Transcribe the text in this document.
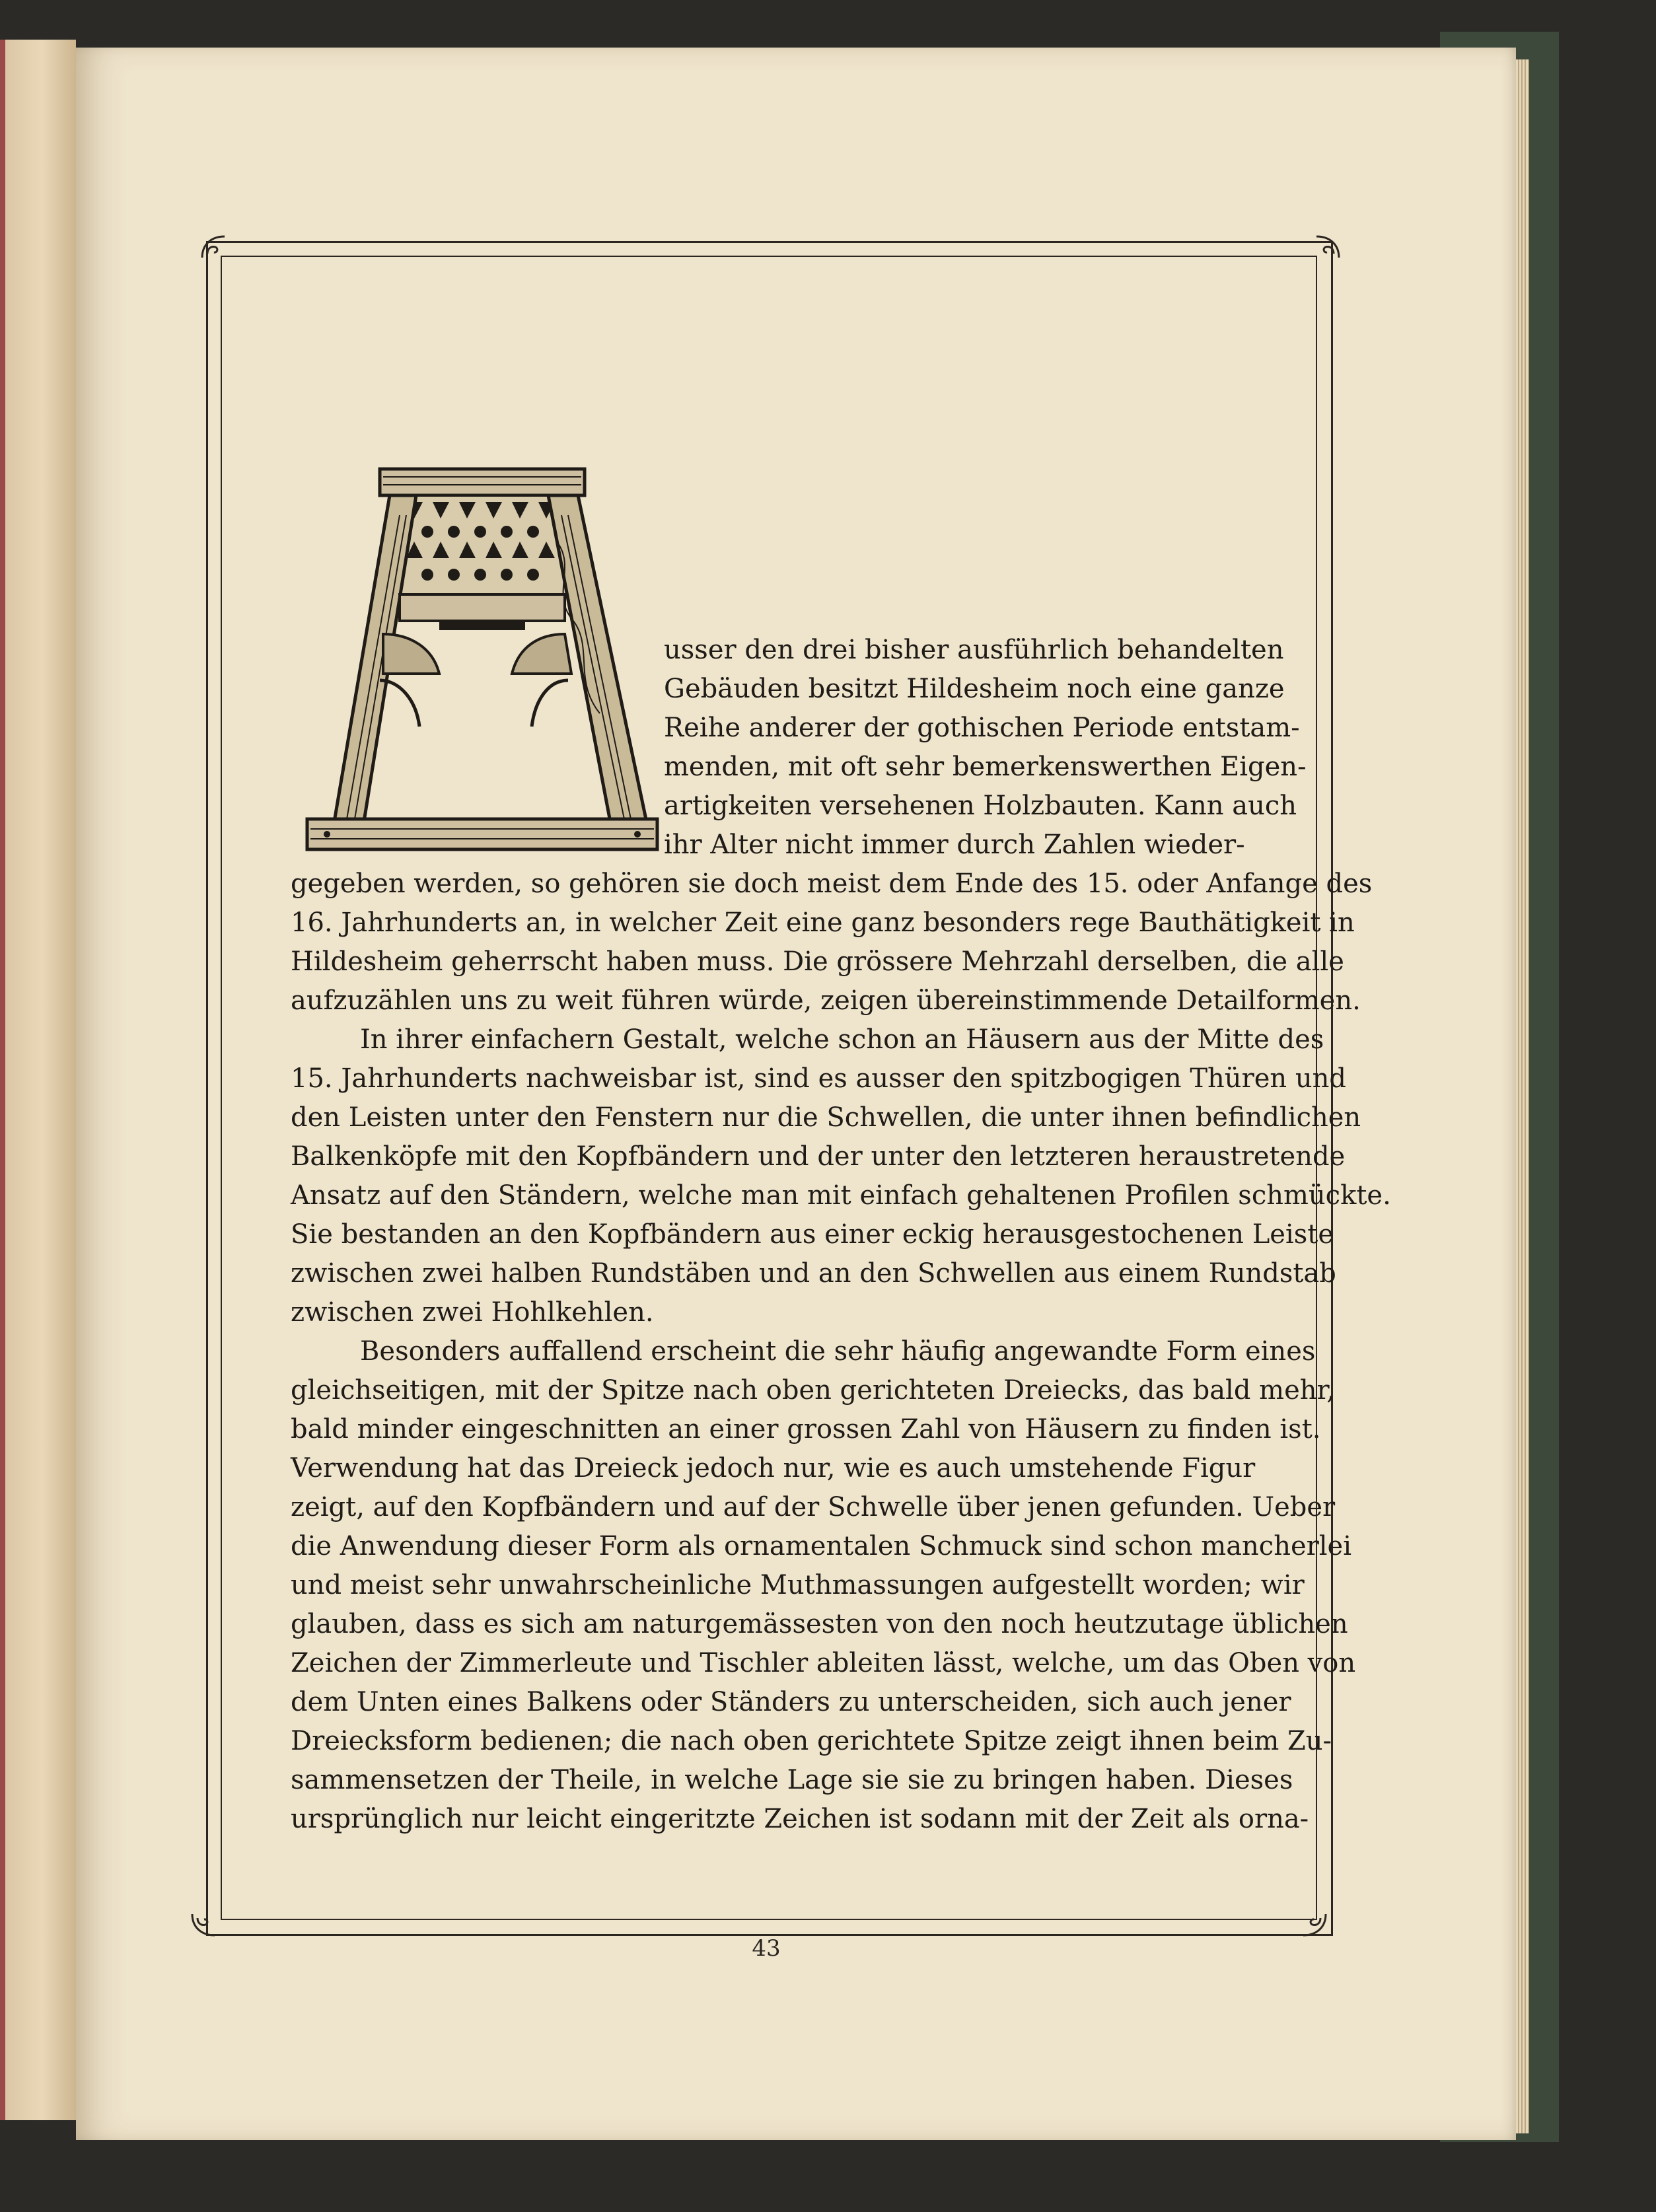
usser den drei bisher ausführlich behandelten
Gebäuden besitzt Hildesheim noch eine ganze
Reihe anderer der gothischen Periode entstam-
menden, mit oft sehr bemerkenswerthen Eigen-
artigkeiten versehenen Holzbauten. Kann auch
ihr Alter nicht immer durch Zahlen wieder-
gegeben werden, so gehören sie doch meist dem Ende des 15. oder Anfange des
16. Jahrhunderts an, in welcher Zeit eine ganz besonders rege Bauthätigkeit in
Hildesheim geherrscht haben muss. Die grössere Mehrzahl derselben, die alle
aufzuzählen uns zu weit führen würde, zeigen übereinstimmende Detailformen.
In ihrer einfachern Gestalt, welche schon an Häusern aus der Mitte des
15. Jahrhunderts nachweisbar ist, sind es ausser den spitzbogigen Thüren und
den Leisten unter den Fenstern nur die Schwellen, die unter ihnen befindlichen
Balkenköpfe mit den Kopfbändern und der unter den letzteren heraustretende
Ansatz auf den Ständern, welche man mit einfach gehaltenen Profilen schmückte.
Sie bestanden an den Kopfbändern aus einer eckig herausgestochenen Leiste
zwischen zwei halben Rundstäben und an den Schwellen aus einem Rundstab
zwischen zwei Hohlkehlen.
Besonders auffallend erscheint die sehr häufig angewandte Form eines
gleichseitigen, mit der Spitze nach oben gerichteten Dreiecks, das bald mehr,
bald minder eingeschnitten an einer grossen Zahl von Häusern zu finden ist.
Verwendung hat das Dreieck jedoch nur, wie es auch umstehende Figur
zeigt, auf den Kopfbändern und auf der Schwelle über jenen gefunden. Ueber
die Anwendung dieser Form als ornamentalen Schmuck sind schon mancherlei
und meist sehr unwahrscheinliche Muthmassungen aufgestellt worden; wir
glauben, dass es sich am naturgemässesten von den noch heutzutage üblichen
Zeichen der Zimmerleute und Tischler ableiten lässt, welche, um das Oben von
dem Unten eines Balkens oder Ständers zu unterscheiden, sich auch jener
Dreiecksform bedienen; die nach oben gerichtete Spitze zeigt ihnen beim Zu-
sammensetzen der Theile, in welche Lage sie sie zu bringen haben. Dieses
ursprünglich nur leicht eingeritzte Zeichen ist sodann mit der Zeit als orna-
43
